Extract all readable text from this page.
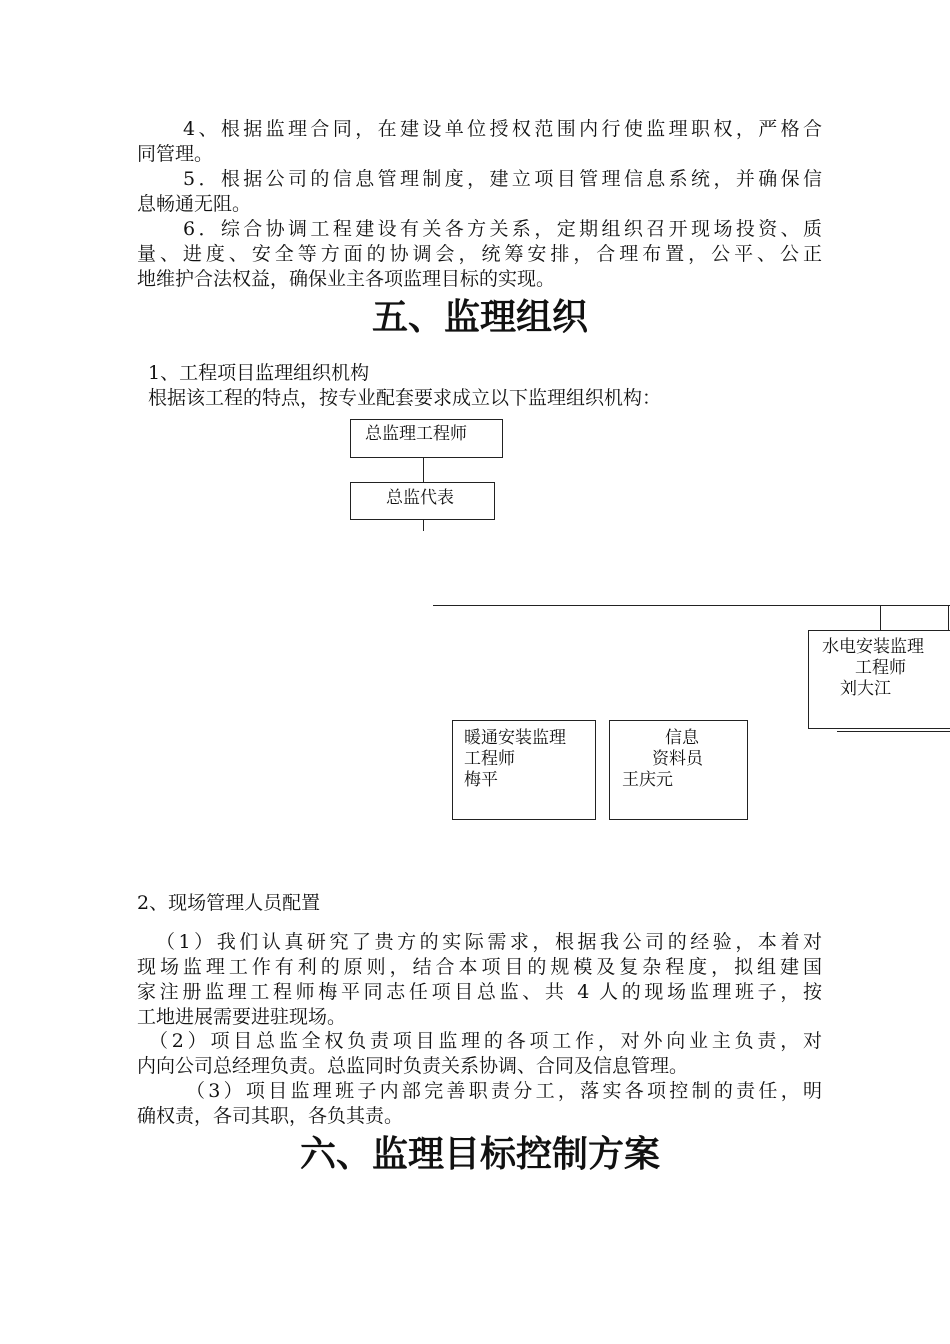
4、根据监理合同，在建设单位授权范围内行使监理职权，严格合
同管理。
5．根据公司的信息管理制度，建立项目管理信息系统，并确保信
息畅通无阻。
6．综合协调工程建设有关各方关系，定期组织召开现场投资、质
量、进度、安全等方面的协调会，统筹安排，合理布置，公平、公正
地维护合法权益，确保业主各项监理目标的实现。
五、监理组织
1、工程项目监理组织机构
根据该工程的特点，按专业配套要求成立以下监理组织机构：
总监理工程师
总监代表
水电安装监理
工程师
刘大江
暖通安装监理
工程师
梅平
信息
资料员
王庆元
2、现场管理人员配置
（1）我们认真研究了贵方的实际需求，根据我公司的经验，本着对
现场监理工作有利的原则，结合本项目的规模及复杂程度，拟组建国
家注册监理工程师梅平同志任项目总监、共 4 人的现场监理班子，按
工地进展需要进驻现场。
（2）项目总监全权负责项目监理的各项工作，对外向业主负责，对
内向公司总经理负责。总监同时负责关系协调、合同及信息管理。
（3）项目监理班子内部完善职责分工，落实各项控制的责任，明
确权责，各司其职，各负其责。
六、监理目标控制方案
